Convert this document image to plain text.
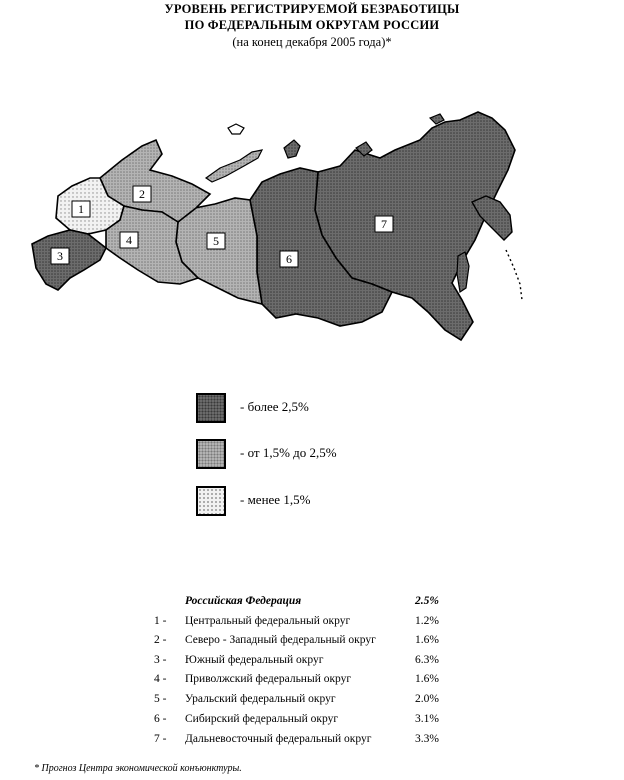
УРОВЕНЬ РЕГИСТРИРУЕМОЙ БЕЗРАБОТИЦЫ
ПО ФЕДЕРАЛЬНЫМ ОКРУГАМ РОССИИ
(на конец декабря 2005 года)*
1
2
3
4	5
6
7
- более 2,5%
- от 1,5% до 2,5%
- менее 1,5%
Российская Федерация	2.5%
1 - Центральный федеральный округ	1.2%
2 - Северо - Западный федеральный округ	1.6%
3 - Южный федеральный округ	6.3%
4 - Приволжский федеральный округ	1.6%
5 - Уральский федеральный округ	2.0%
6 - Сибирский федеральный округ	3.1%
7 - Дальневосточный федеральный округ	3.3%
* Прогноз Центра экономической конъюнктуры.
